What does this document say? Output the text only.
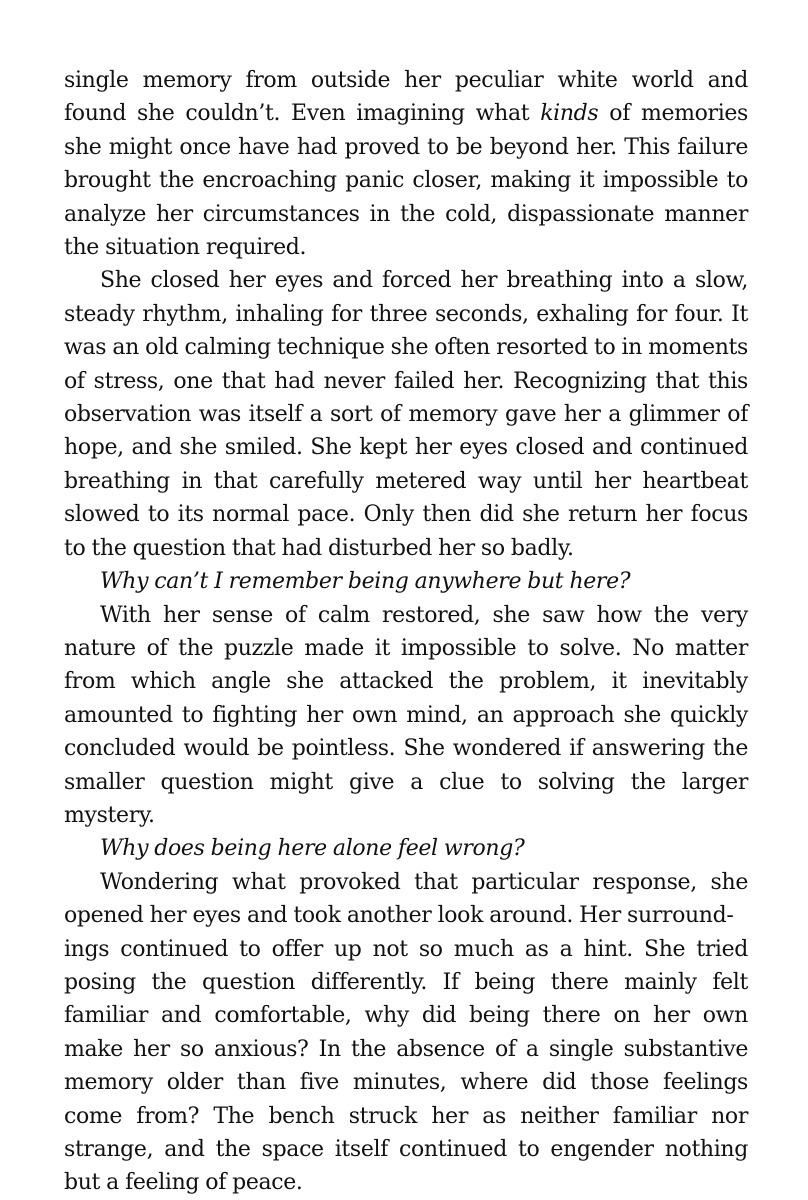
single memory from outside her peculiar white world and found she couldn’t. Even imagining what kinds of memories she might once have had proved to be beyond her. This failure brought the encroaching panic closer, making it impossible to analyze her circumstances in the cold, dispassionate manner the situation required.

She closed her eyes and forced her breathing into a slow, steady rhythm, inhaling for three seconds, exhaling for four. It was an old calming technique she often resorted to in moments of stress, one that had never failed her. Recognizing that this observation was itself a sort of memory gave her a glimmer of hope, and she smiled. She kept her eyes closed and continued breathing in that carefully metered way until her heartbeat slowed to its normal pace. Only then did she return her focus to the question that had disturbed her so badly.

Why can’t I remember being anywhere but here?

With her sense of calm restored, she saw how the very nature of the puzzle made it impossible to solve. No matter from which angle she attacked the problem, it inevitably amounted to fighting her own mind, an approach she quickly concluded would be pointless. She wondered if answering the smaller question might give a clue to solving the larger mystery.

Why does being here alone feel wrong?

Wondering what provoked that particular response, she opened her eyes and took another look around. Her surround-
ings continued to offer up not so much as a hint. She tried posing the question differently. If being there mainly felt familiar and comfortable, why did being there on her own make her so anxious? In the absence of a single substantive memory older than five minutes, where did those feelings come from? The bench struck her as neither familiar nor strange, and the space itself continued to engender nothing but a feeling of peace.
